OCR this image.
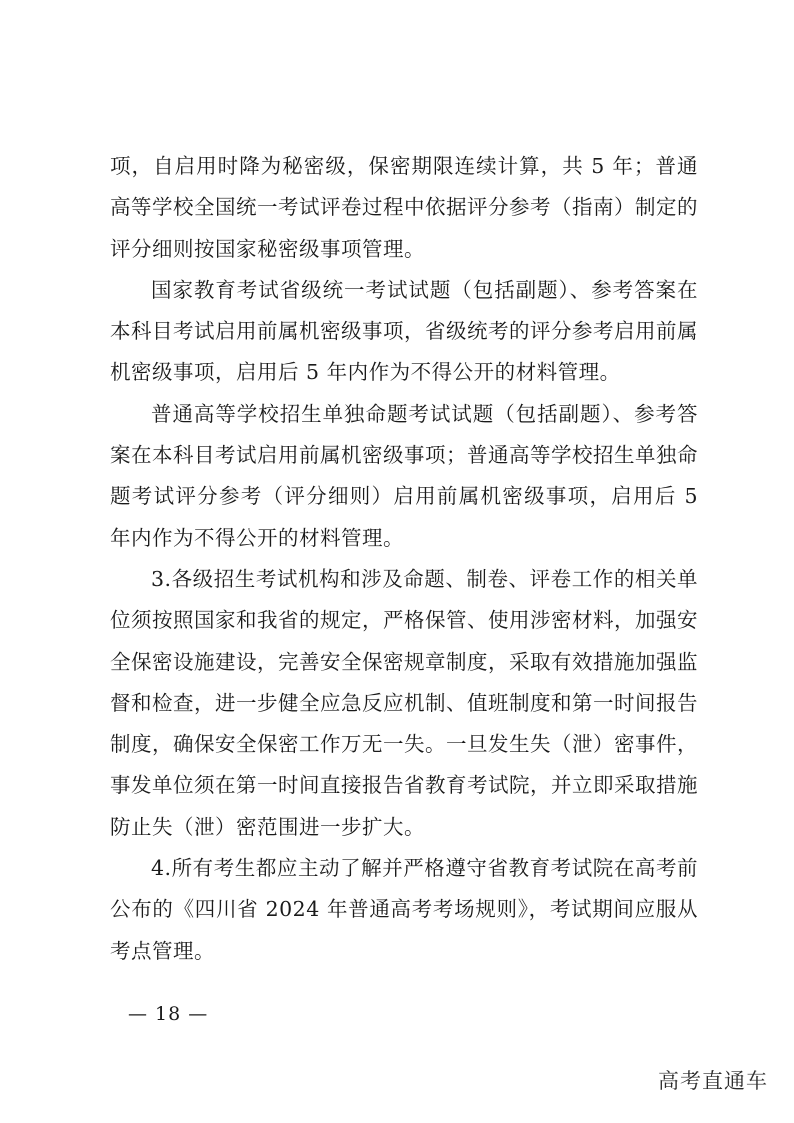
项，自启用时降为秘密级，保密期限连续计算，共 5 年；普通高等学校全国统一考试评卷过程中依据评分参考（指南）制定的评分细则按国家秘密级事项管理。

国家教育考试省级统一考试试题（包括副题）、参考答案在本科目考试启用前属机密级事项，省级统考的评分参考启用前属机密级事项，启用后 5 年内作为不得公开的材料管理。

普通高等学校招生单独命题考试试题（包括副题）、参考答案在本科目考试启用前属机密级事项；普通高等学校招生单独命题考试评分参考（评分细则）启用前属机密级事项，启用后 5 年内作为不得公开的材料管理。

3.各级招生考试机构和涉及命题、制卷、评卷工作的相关单位须按照国家和我省的规定，严格保管、使用涉密材料，加强安全保密设施建设，完善安全保密规章制度，采取有效措施加强监督和检查，进一步健全应急反应机制、值班制度和第一时间报告制度，确保安全保密工作万无一失。一旦发生失（泄）密事件，事发单位须在第一时间直接报告省教育考试院，并立即采取措施防止失（泄）密范围进一步扩大。

4.所有考生都应主动了解并严格遵守省教育考试院在高考前公布的《四川省 2024 年普通高考考场规则》，考试期间应服从考点管理。

— 18 —
高考直通车
